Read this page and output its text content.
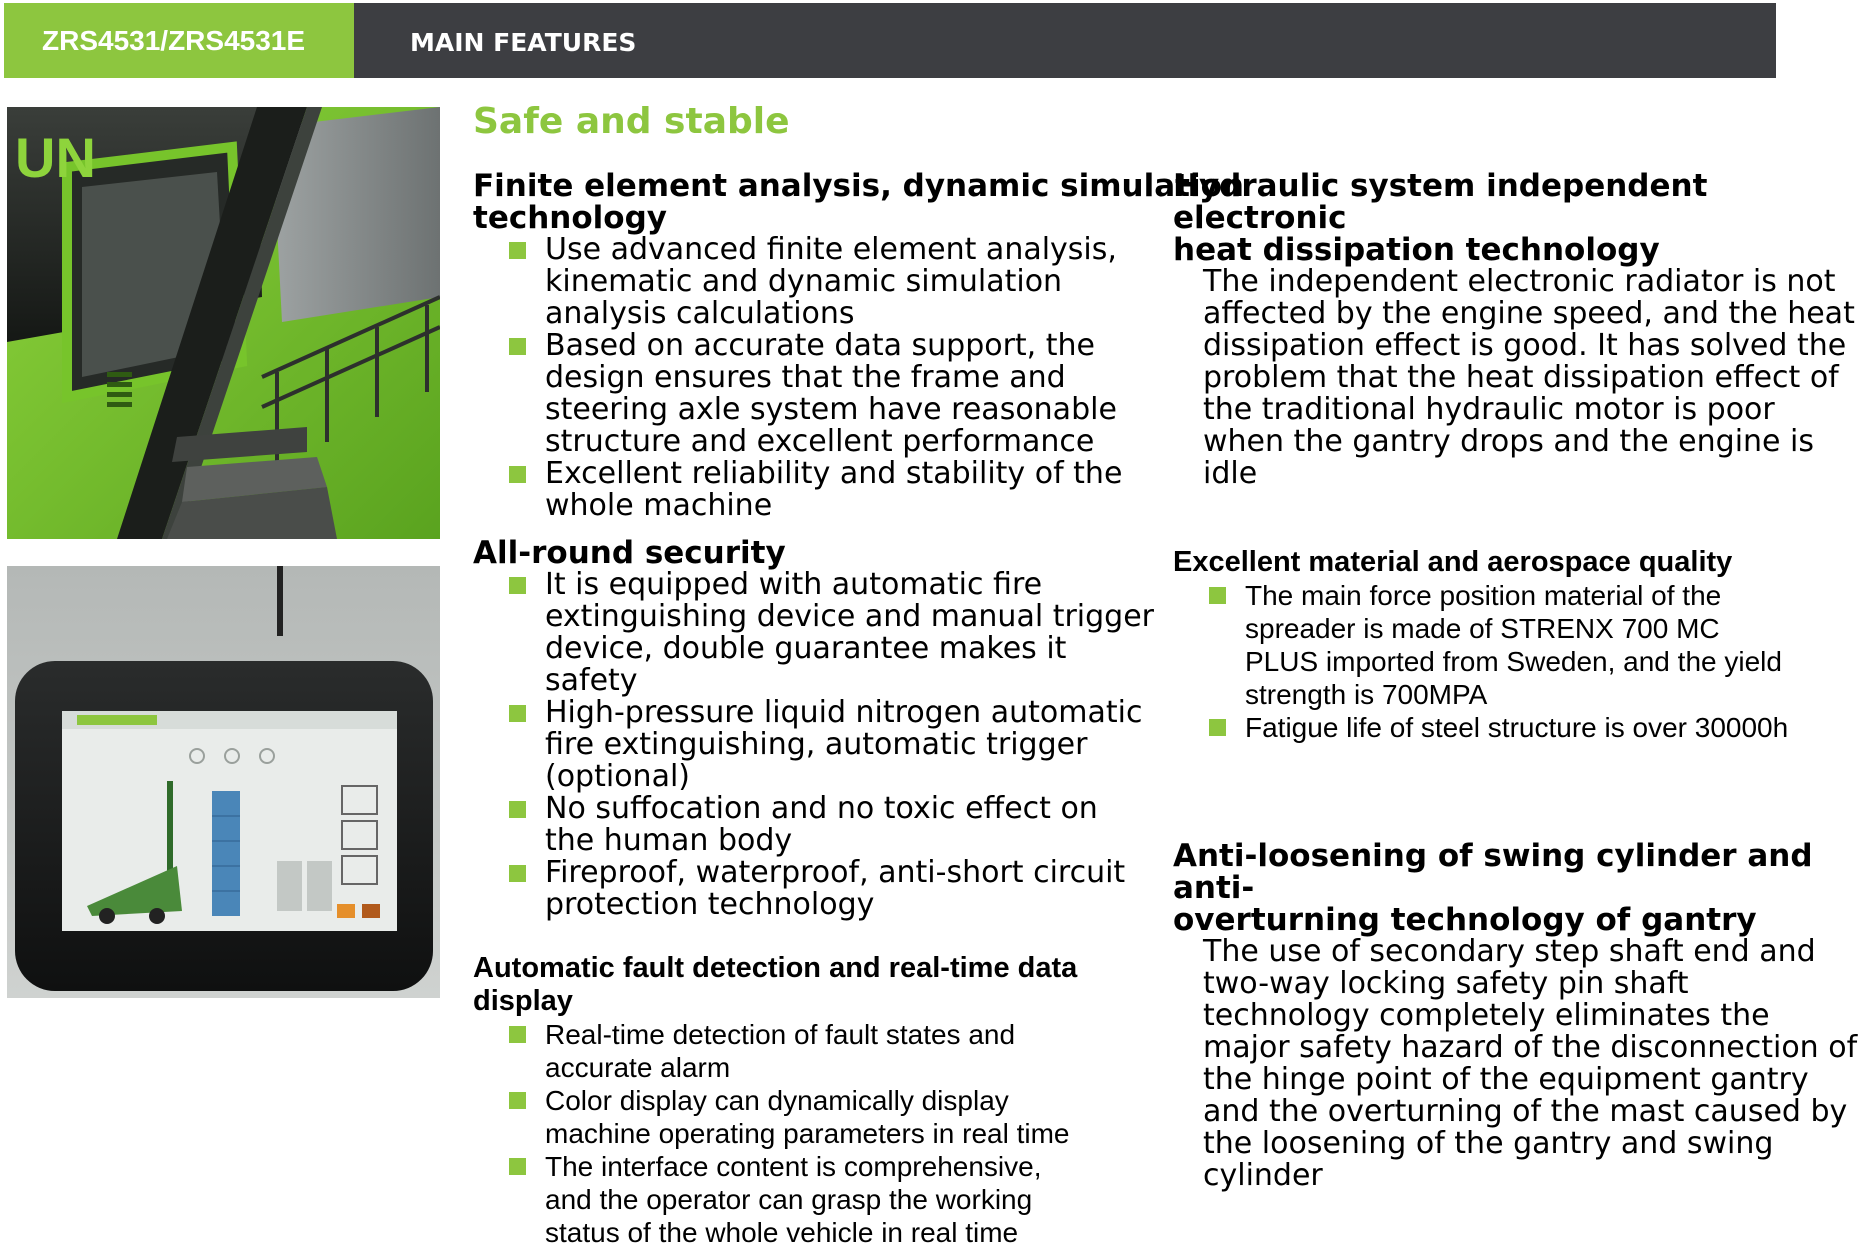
ZRS4531/ZRS4531E	MAIN FEATURES
UN
Safe and stable
Finite element analysis, dynamic simulation
technology
Use advanced finite element analysis,
kinematic and dynamic simulation
analysis calculations
Based on accurate data support, the
design ensures that the frame and
steering axle system have reasonable
structure and excellent performance
Excellent reliability and stability of the
whole machine
All-round security
It is equipped with automatic fire
extinguishing device and manual trigger
device, double guarantee makes it
safety
High-pressure liquid nitrogen automatic
fire extinguishing, automatic trigger
(optional)
No suffocation and no toxic effect on
the human body
Fireproof, waterproof, anti-short circuit
protection technology
Automatic fault detection and real-time data
display
Real-time detection of fault states and
accurate alarm
Color display can dynamically display
machine operating parameters in real time
The interface content is comprehensive,
and the operator can grasp the working
status of the whole vehicle in real time
Hydraulic system independent electronic
heat dissipation technology

The independent electronic radiator is not
affected by the engine speed, and the heat
dissipation effect is good. It has solved the
problem that the heat dissipation effect of
the traditional hydraulic motor is poor
when the gantry drops and the engine is
idle

Excellent material and aerospace quality
The main force position material of the
spreader is made of STRENX 700 MC
PLUS imported from Sweden, and the yield
strength is 700MPA
Fatigue life of steel structure is over 30000h
Anti-loosening of swing cylinder and anti-
overturning technology of gantry

The use of secondary step shaft end and
two-way locking safety pin shaft
technology completely eliminates the
major safety hazard of the disconnection of
the hinge point of the equipment gantry
and the overturning of the mast caused by
the loosening of the gantry and swing
cylinder
